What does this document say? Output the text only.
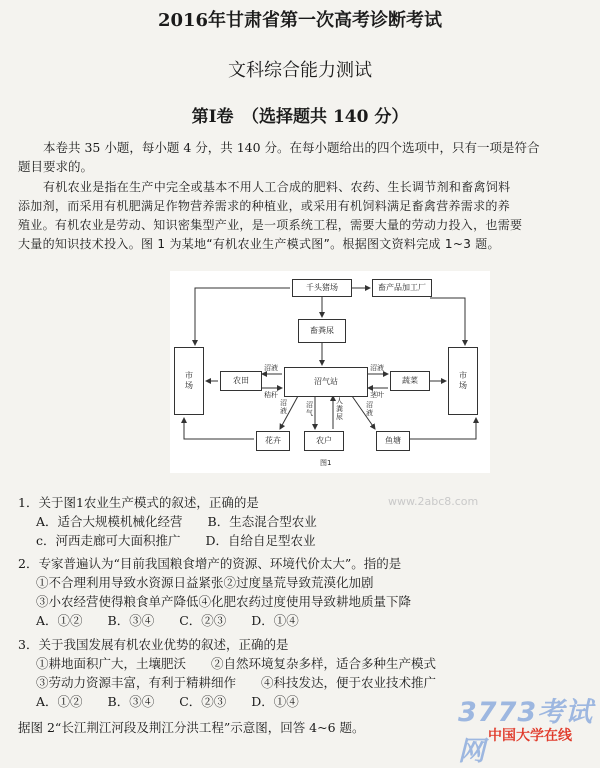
2016年甘肃省第一次高考诊断考试
文科综合能力测试
第I卷　（选择题共 140 分）
本卷共 35 小题，每小题 4 分，共 140 分。在每小题给出的四个选项中，只有一项是符合
题目要求的。
有机农业是指在生产中完全或基本不用人工合成的肥料、农药、生长调节剂和畜禽饲料
添加剂，而采用有机肥满足作物营养需求的种植业，或采用有机饲料满足畜禽营养需求的养
殖业。有机农业是劳动、知识密集型产业，是一项系统工程，需要大量的劳动力投入，也需要
大量的知识技术投入。图 1 为某地“有机农业生产模式图”。根据图文资料完成 1~3 题。
千头猪场	畜产品加工厂
畜粪尿
市场
市场
农田	沼气站	蔬菜
花卉	农户	鱼塘
沼液
秸秆
沼液
茎叶
沼液
沼气
人粪尿
沼液
图1
www.2abc8.com
1．关于图1农业生产模式的叙述，正确的是
A．适合大规模机械化经营　　B．生态混合型农业
c．河西走廊可大面积推广　　D．自给自足型农业
2．专家普遍认为“目前我国粮食增产的资源、环境代价太大”。指的是
①不合理利用导致水资源日益紧张②过度垦荒导致荒漠化加剧
③小农经营使得粮食单产降低④化肥农药过度使用导致耕地质量下降
A．①②　　B．③④　　C．②③　　D．①④
3．关于我国发展有机农业优势的叙述，正确的是
①耕地面积广大，土壤肥沃　　②自然环境复杂多样，适合多种生产模式
③劳动力资源丰富，有利于精耕细作　　④科技发达，便于农业技术推广
A．①②　　B．③④　　C．②③　　D．①④
据图 2“长江荆江河段及荆江分洪工程”示意图，回答 4~6 题。	3773考试网 中国大学在线
